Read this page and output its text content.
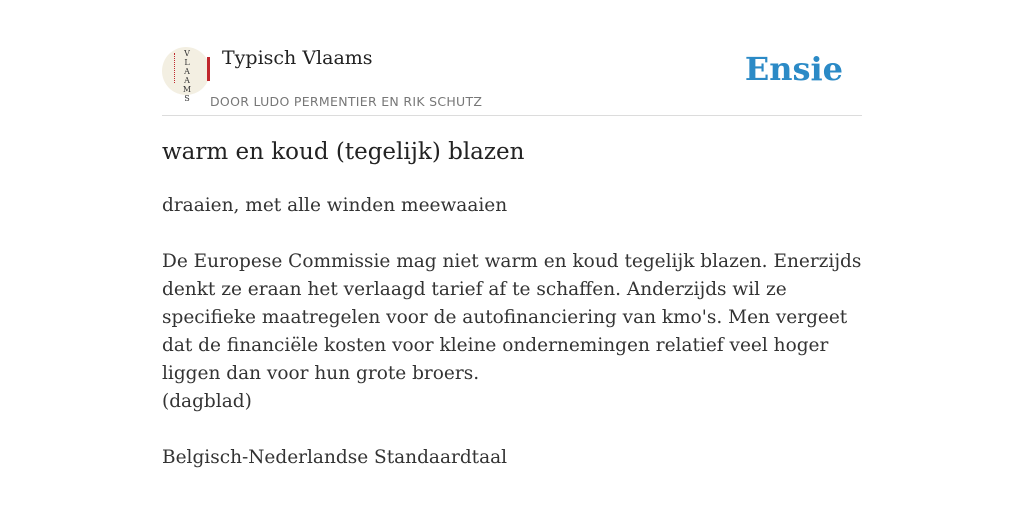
V
L
A
A
M
S
Typisch Vlaams
DOOR LUDO PERMENTIER EN RIK SCHUTZ
Ensie
warm en koud (tegelijk) blazen

draaien, met alle winden meewaaien

De Europese Commissie mag niet warm en koud tegelijk blazen. Enerzijds denkt ze eraan het verlaagd tarief af te schaffen. Anderzijds wil ze specifieke maatregelen voor de autofinanciering van kmo's. Men vergeet dat de financiële kosten voor kleine ondernemingen relatief veel hoger liggen dan voor hun grote broers.

(dagblad)

Belgisch-Nederlandse Standaardtaal
